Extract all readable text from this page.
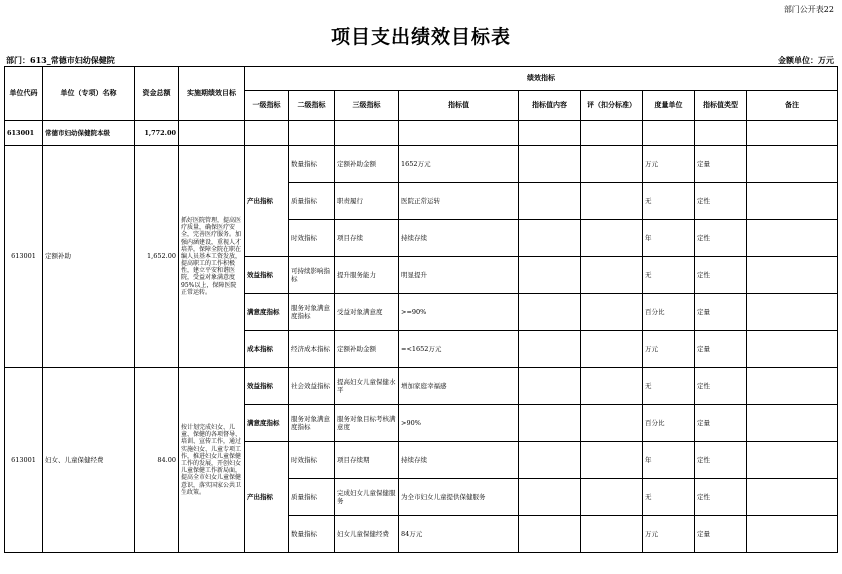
部门公开表22
项目支出绩效目标表
部门：613_常德市妇幼保健院	金额单位：万元
单位代码	单位（专项）名称	资金总额	实施期绩效目标	绩效指标								
				一级指标	二级指标	三级指标	指标值	指标值内容	评（扣分标准）	度量单位	指标值类型	备注
613001	常德市妇幼保健院本级	1,772.00										
613001	定额补助	1,652.00	抓好医院管理，提高医疗质量，确保医疗安全，完善医疗服务。加强内涵建设，重视人才培养，保障全院在职在编人员基本工资发放，提高职工的工作积极性，建立平安和谐医院，受益对象满意度95%以上，保障医院正常运转。	产出指标	数量指标	定额补助金额	1652万元			万元	定量	
					质量指标	职责履行	医院正常运转			无	定性	
					时效指标	项目存续	持续存续			年	定性	
				效益指标	可持续影响指标	提升服务能力	明显提升			无	定性	
				满意度指标	服务对象满意度指标	受益对象满意度	>=90%			百分比	定量	
				成本指标	经济成本指标	定额补助金额	=<1652万元			万元	定量	
613001	妇女、儿童保健经费	84.00	按计划完成妇女、儿童、保健的各项督导、培训、宣传工作，通过实施妇女、儿童专项工作，推进妇女儿童保健工作的发展，开创妇女儿童保健工作新局面，提高全市妇女儿童保健意识，落实国家公共卫生政策。	效益指标	社会效益指标	提高妇女儿童保健水平	增加家庭幸福感			无	定性	
				满意度指标	服务对象满意度指标	服务对象目标考核满意度	>90%			百分比	定量	
				产出指标	时效指标	项目存续期	持续存续			年	定性	
					质量指标	完成妇女儿童保健服务	为全市妇女儿童提供保健服务			无	定性	
					数量指标	妇女儿童保健经费	84万元			万元	定量	
